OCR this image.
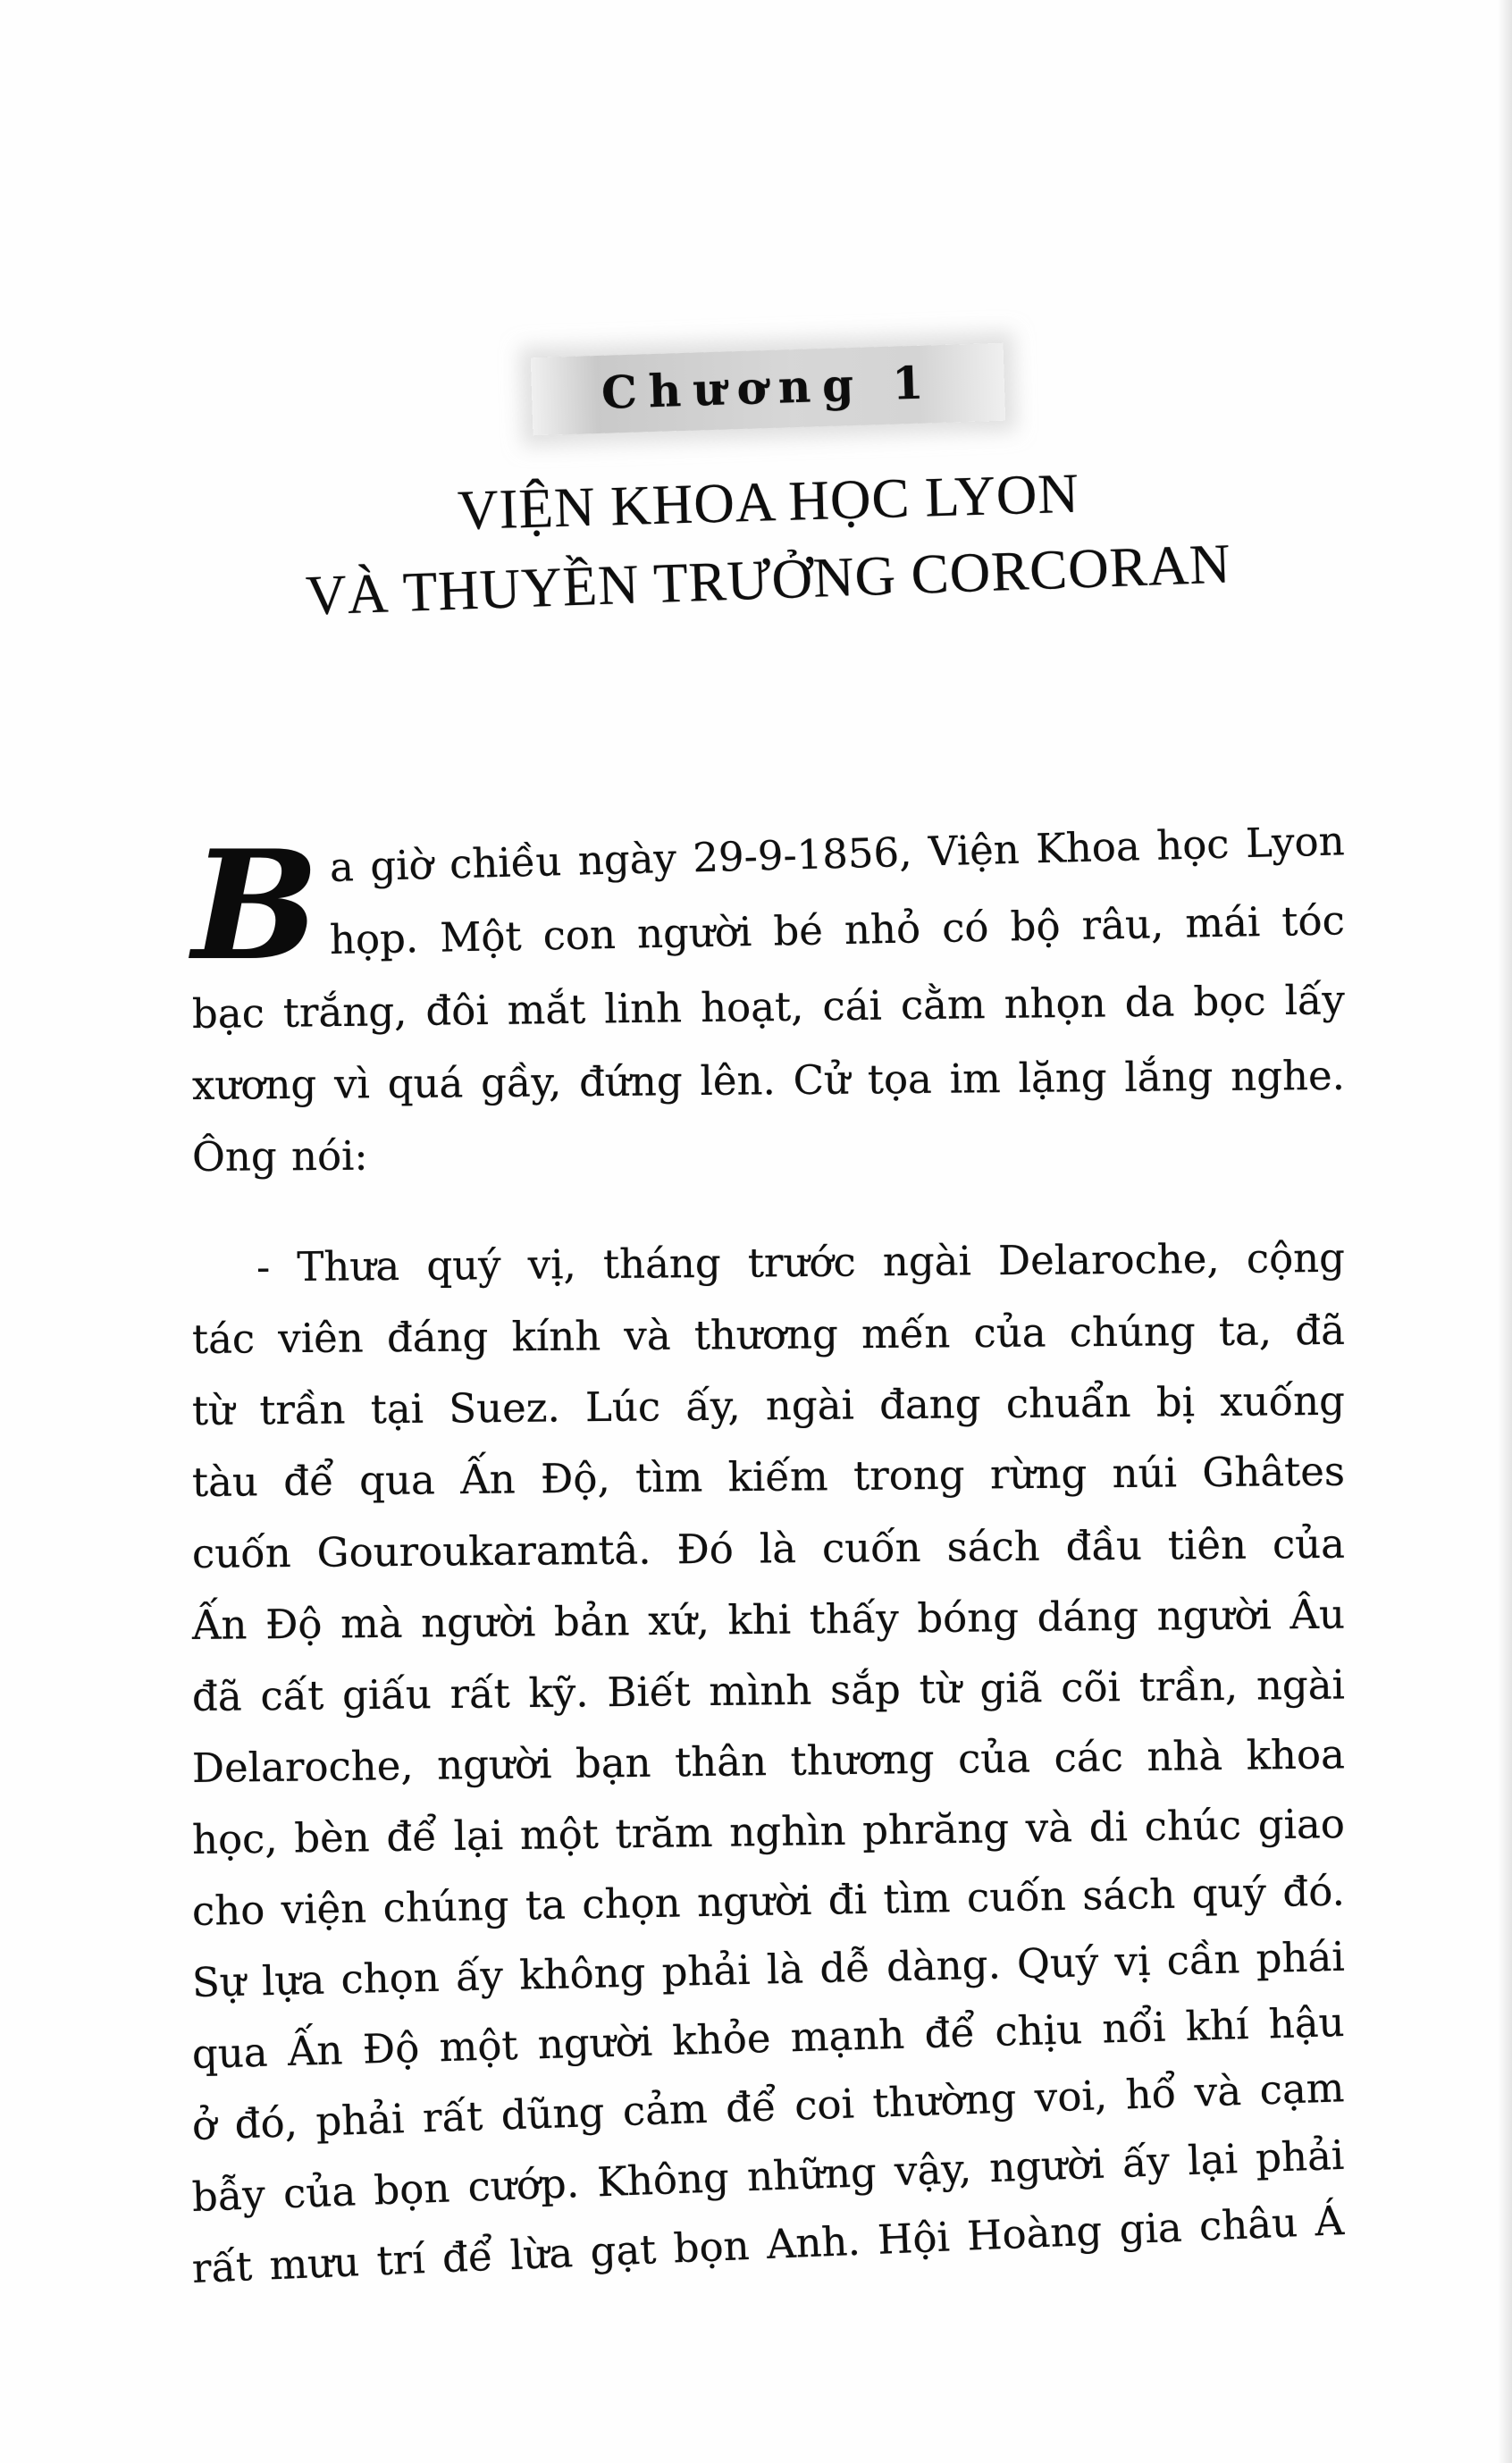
Chương 1
VIỆN KHOA HỌC LYON
VÀ THUYỀN TRƯỞNG CORCORAN
B a giờ chiều ngày 29-9-1856, Viện Khoa học Lyon
họp. Một con người bé nhỏ có bộ râu, mái tóc
bạc trắng, đôi mắt linh hoạt, cái cằm nhọn da bọc lấy
xương vì quá gầy, đứng lên. Cử tọa im lặng lắng nghe.
Ông nói:
- Thưa quý vị, tháng trước ngài Delaroche, cộng
tác viên đáng kính và thương mến của chúng ta, đã
từ trần tại Suez. Lúc ấy, ngài đang chuẩn bị xuống
tàu để qua Ấn Độ, tìm kiếm trong rừng núi Ghâtes
cuốn Gouroukaramtâ. Đó là cuốn sách đầu tiên của
Ấn Độ mà người bản xứ, khi thấy bóng dáng người Âu
đã cất giấu rất kỹ. Biết mình sắp từ giã cõi trần, ngài
Delaroche, người bạn thân thương của các nhà khoa
học, bèn để lại một trăm nghìn phrăng và di chúc giao
cho viện chúng ta chọn người đi tìm cuốn sách quý đó.
Sự lựa chọn ấy không phải là dễ dàng. Quý vị cần phái
qua Ấn Độ một người khỏe mạnh để chịu nổi khí hậu
ở đó, phải rất dũng cảm để coi thường voi, hổ và cạm
bẫy của bọn cướp. Không những vậy, người ấy lại phải
rất mưu trí để lừa gạt bọn Anh. Hội Hoàng gia châu Á
